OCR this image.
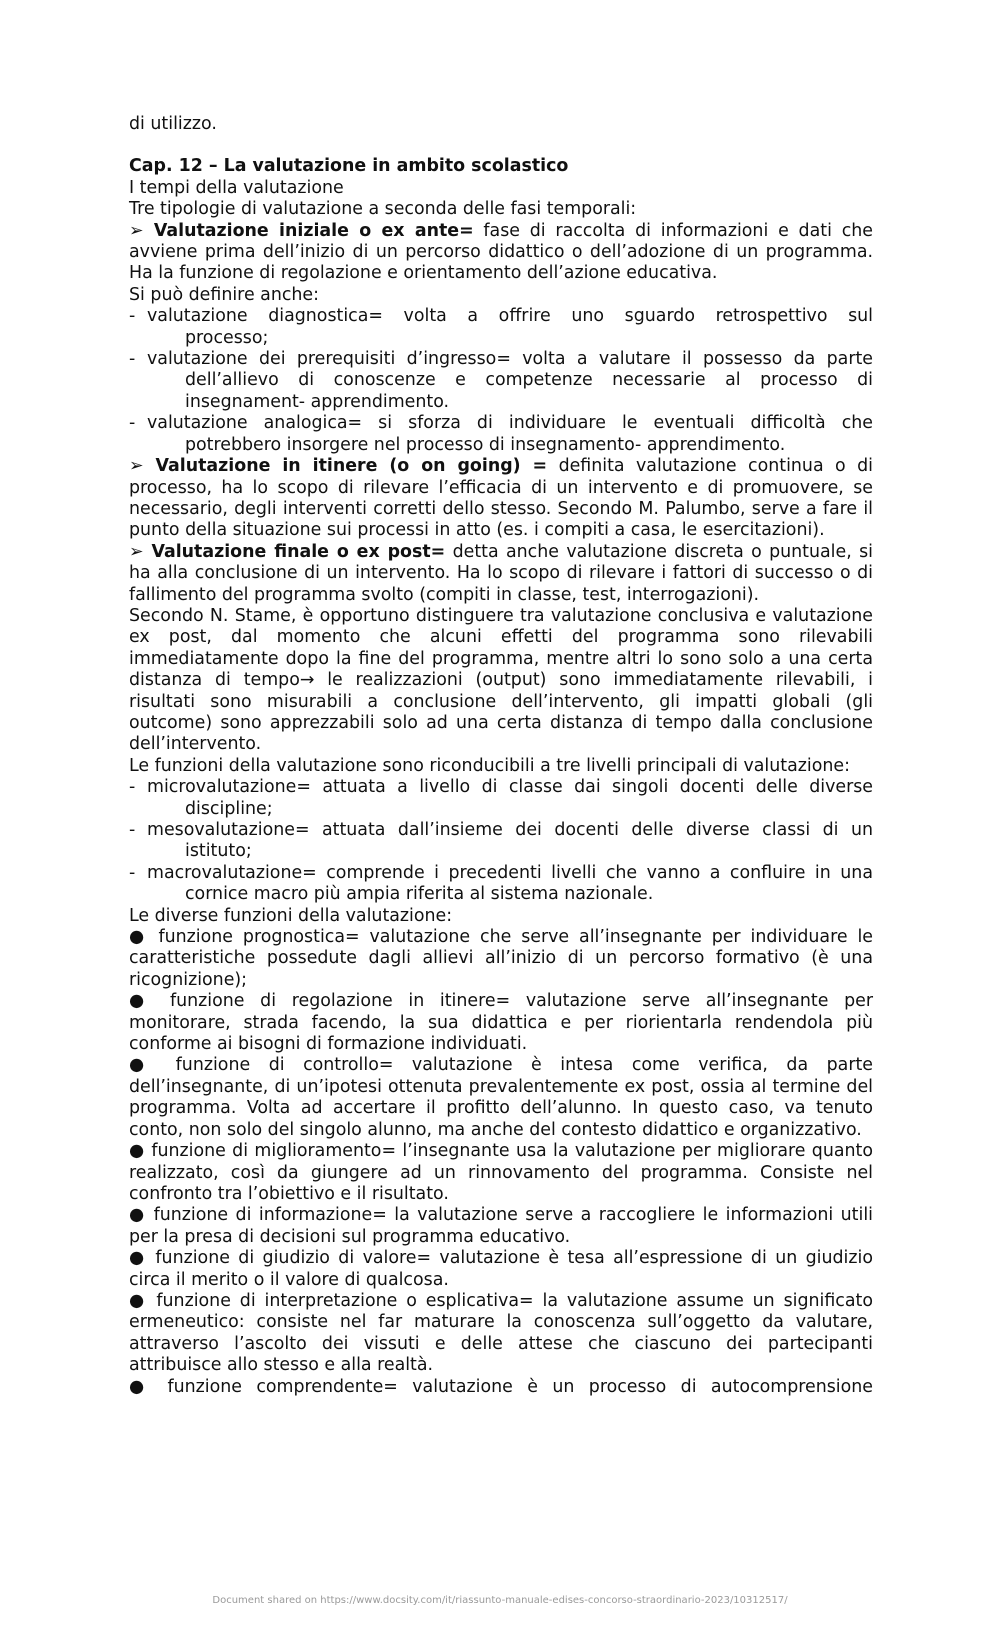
di utilizzo.

Cap. 12 – La valutazione in ambito scolastico

I tempi della valutazione

Tre tipologie di valutazione a seconda delle fasi temporali:

➢ Valutazione iniziale o ex ante= fase di raccolta di informazioni e dati che avviene prima dell’inizio di un percorso didattico o dell’adozione di un programma. Ha la funzione di regolazione e orientamento dell’azione educativa.

Si può definire anche:

- valutazione diagnostica= volta a offrire uno sguardo retrospettivo sul
processo;
- valutazione dei prerequisiti d’ingresso= volta a valutare il possesso da parte
dell’allievo di conoscenze e competenze necessarie al processo di insegnament- apprendimento.
- valutazione analogica= si sforza di individuare le eventuali difficoltà che
potrebbero insorgere nel processo di insegnamento- apprendimento.

➢ Valutazione in itinere (o on going) = definita valutazione continua o di processo, ha lo scopo di rilevare l’efficacia di un intervento e di promuovere, se necessario, degli interventi corretti dello stesso. Secondo M. Palumbo, serve a fare il punto della situazione sui processi in atto (es. i compiti a casa, le esercitazioni).

➢ Valutazione finale o ex post= detta anche valutazione discreta o puntuale, si ha alla conclusione di un intervento. Ha lo scopo di rilevare i fattori di successo o di fallimento del programma svolto (compiti in classe, test, interrogazioni).

Secondo N. Stame, è opportuno distinguere tra valutazione conclusiva e valutazione ex post, dal momento che alcuni effetti del programma sono rilevabili immediatamente dopo la fine del programma, mentre altri lo sono solo a una certa distanza di tempo→ le realizzazioni (output) sono immediatamente rilevabili, i risultati sono misurabili a conclusione dell’intervento, gli impatti globali (gli outcome) sono apprezzabili solo ad una certa distanza di tempo dalla conclusione dell’intervento.

Le funzioni della valutazione sono riconducibili a tre livelli principali di valutazione:

- microvalutazione= attuata a livello di classe dai singoli docenti delle diverse
discipline;
- mesovalutazione= attuata dall’insieme dei docenti delle diverse classi di un
istituto;
- macrovalutazione= comprende i precedenti livelli che vanno a confluire in una
cornice macro più ampia riferita al sistema nazionale.

Le diverse funzioni della valutazione:

● funzione prognostica= valutazione che serve all’insegnante per individuare le caratteristiche possedute dagli allievi all’inizio di un percorso formativo (è una ricognizione);

● funzione di regolazione in itinere= valutazione serve all’insegnante per monitorare, strada facendo, la sua didattica e per riorientarla rendendola più conforme ai bisogni di formazione individuati.

● funzione di controllo= valutazione è intesa come verifica, da parte dell’insegnante, di un’ipotesi ottenuta prevalentemente ex post, ossia al termine del programma. Volta ad accertare il profitto dell’alunno. In questo caso, va tenuto conto, non solo del singolo alunno, ma anche del contesto didattico e organizzativo.

● funzione di miglioramento= l’insegnante usa la valutazione per migliorare quanto realizzato, così da giungere ad un rinnovamento del programma. Consiste nel confronto tra l’obiettivo e il risultato.

● funzione di informazione= la valutazione serve a raccogliere le informazioni utili per la presa di decisioni sul programma educativo.

● funzione di giudizio di valore= valutazione è tesa all’espressione di un giudizio circa il merito o il valore di qualcosa.

● funzione di interpretazione o esplicativa= la valutazione assume un significato ermeneutico: consiste nel far maturare la conoscenza sull’oggetto da valutare, attraverso l’ascolto dei vissuti e delle attese che ciascuno dei partecipanti attribuisce allo stesso e alla realtà.

● funzione comprendente= valutazione è un processo di autocomprensione

Document shared on https://www.docsity.com/it/riassunto-manuale-edises-concorso-straordinario-2023/10312517/
